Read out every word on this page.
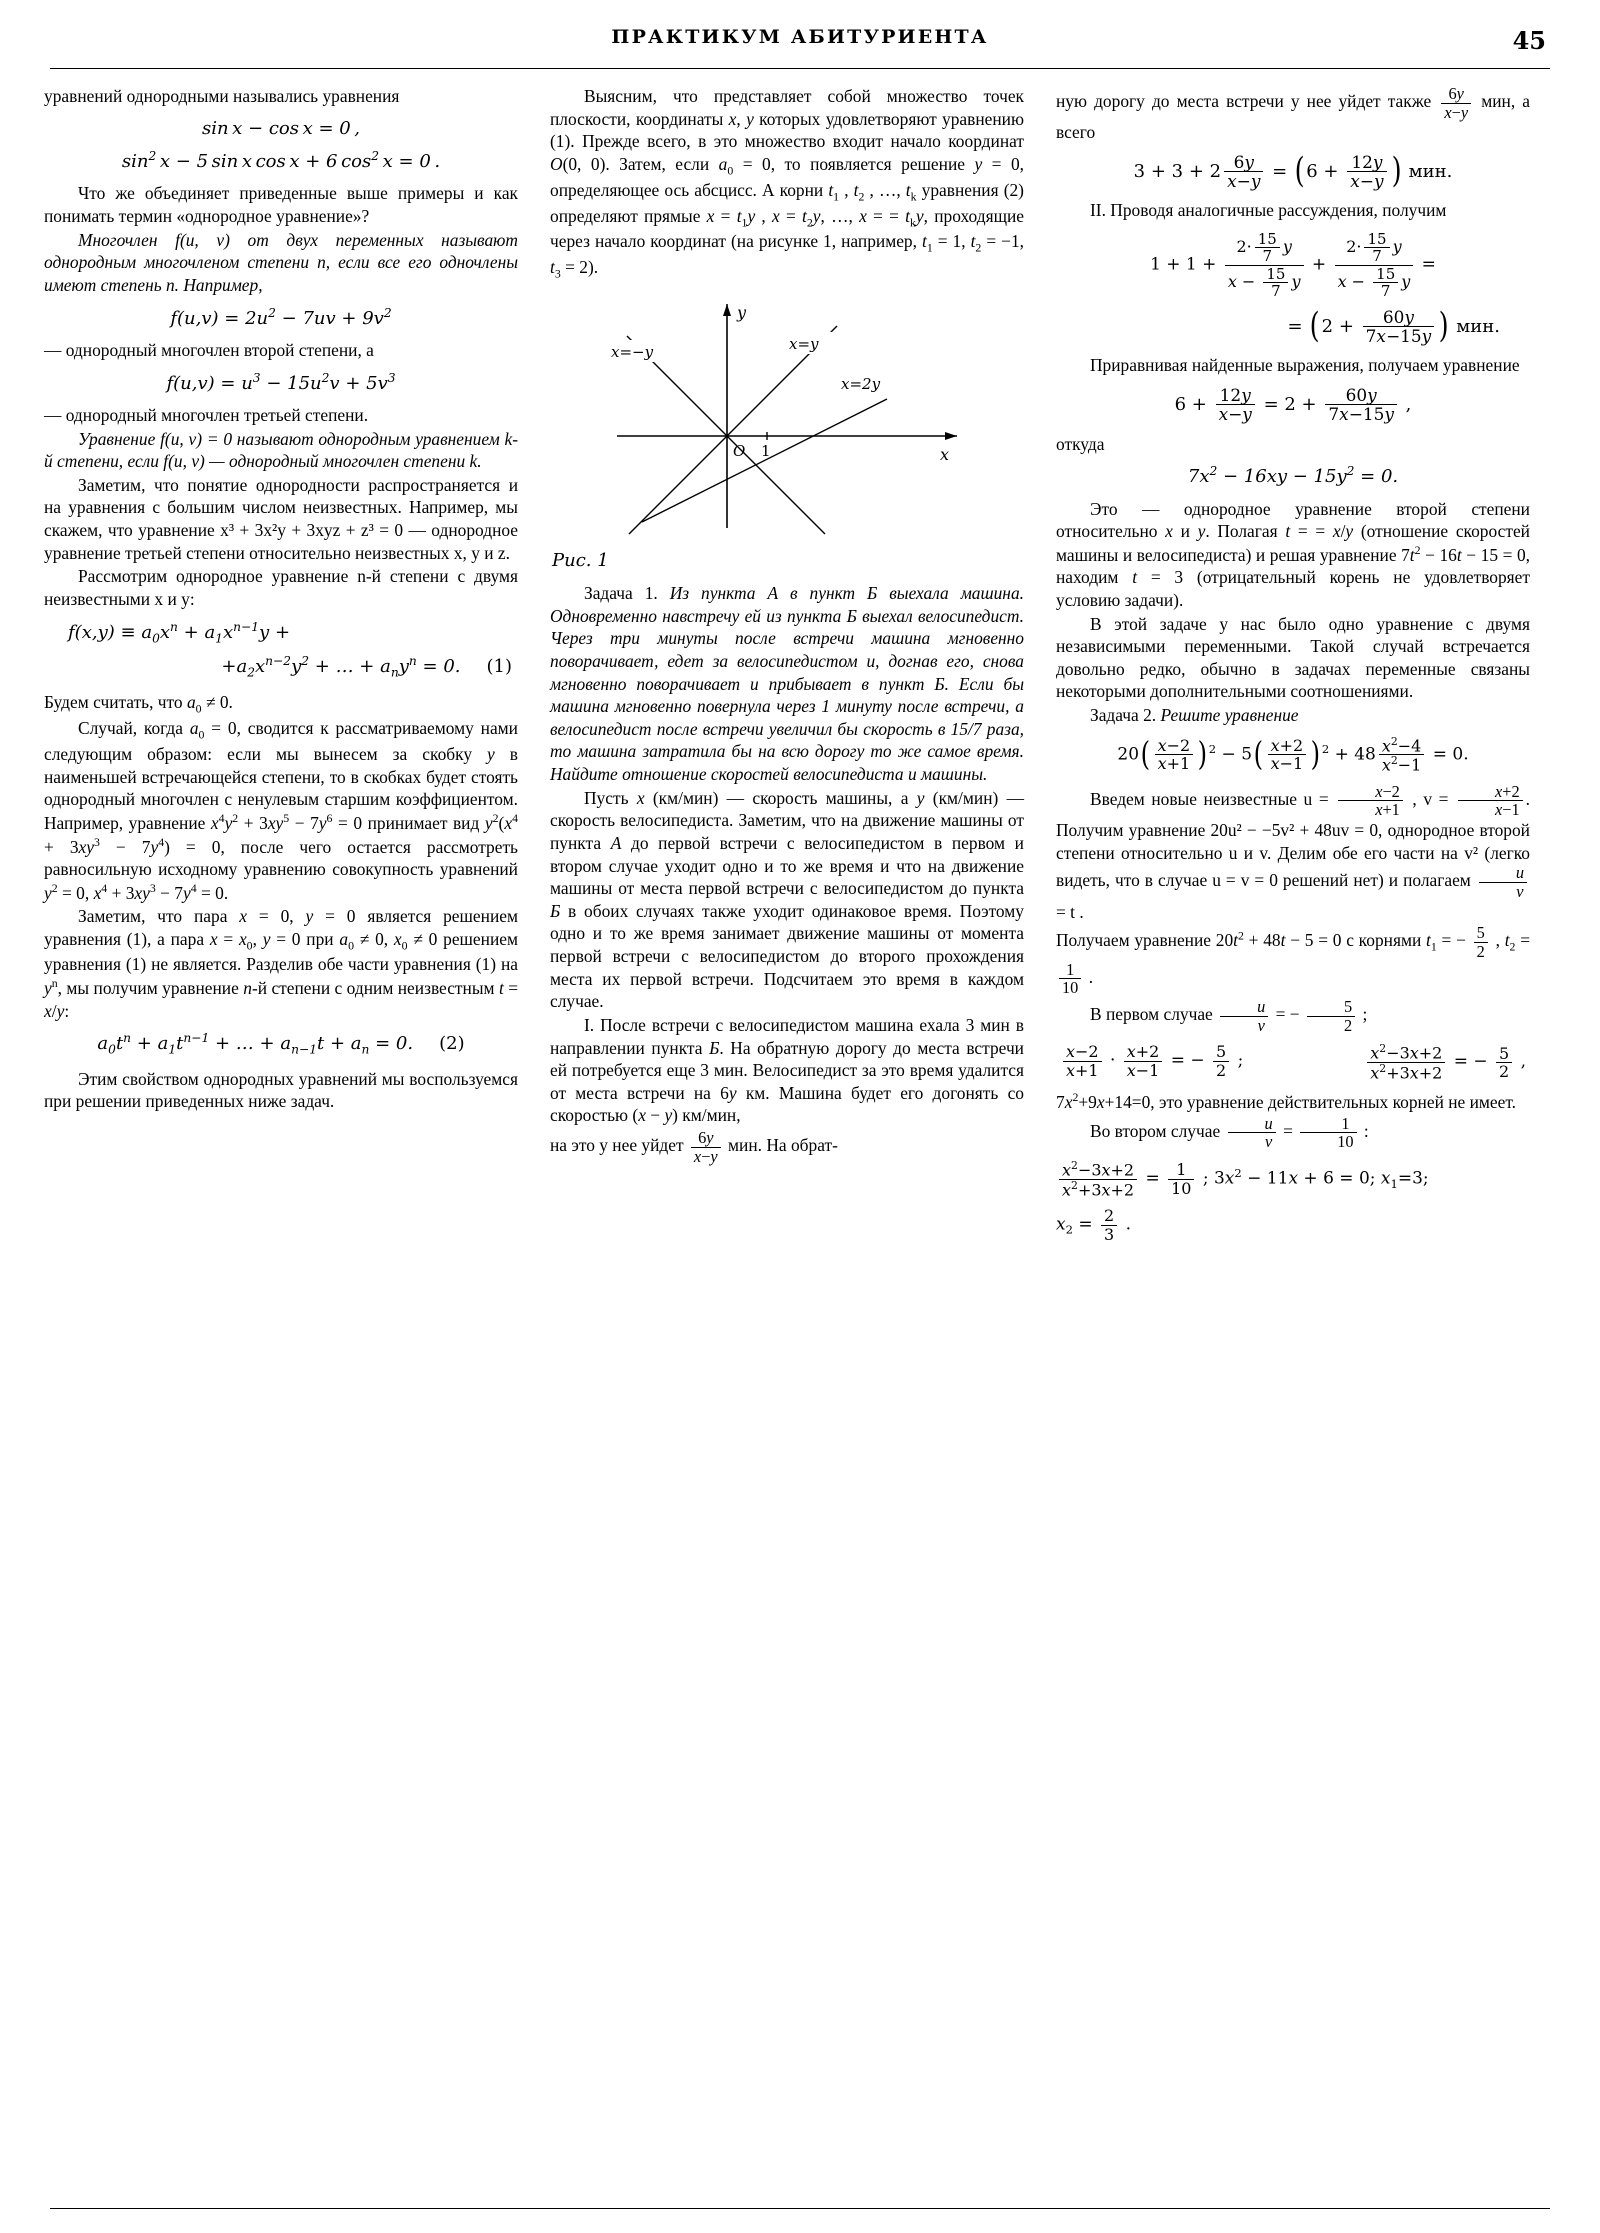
ПРАКТИКУМ АБИТУРИЕНТА	45

уравнений однородными назывались уравнения

sin x − cos x = 0 ,
$\sin^2 x - 5$ sin x cos x + 6 $\cos^2 x = 0$ .

Что же объединяет приведенные выше примеры и как понимать термин «однородное уравнение»?

Многочлен f(u, v) от двух переменных называют однородным многочленом степени n, если все его одночлены имеют степень n. Например,

$f(u,v) = 2u^2 - 7uv + 9v^2$

— однородный многочлен второй степени, а

$f(u,v) = u^3 - 15u^2v + 5v^3$

— однородный многочлен третьей степени.

Уравнение f(u, v) = 0 называют однородным уравнением k-й степени, если f(u, v) — однородный многочлен степени k.

Заметим, что понятие однородности распространяется и на уравнения с большим числом неизвестных. Например, мы скажем, что уравнение x³ + 3x²y + 3xyz + z³ = 0 — однородное уравнение третьей степени относительно неизвестных x, y и z.

Рассмотрим однородное уравнение n-й степени с двумя неизвестными x и y:

$f(x,y) \equiv a_0x^n + a_1x^{n-1}y$ +
$+a_2x^{n-2}y^2$ + … + $a_ny^n = 0$. (1)

Будем считать, что $a_0 \ne 0$.

Случай, когда $a_0 = 0$, сводится к рассматриваемому нами следующим образом: если мы вынесем за скобку y в наименьшей встречающейся степени, то в скобках будет стоять однородный многочлен с ненулевым старшим коэффициентом. Например, уравнение $x^4y^2 + 3xy^5 - 7y^6 = 0$ принимает вид $y^2(x^4 + 3xy^3 - 7y^4) = 0$, после чего остается рассмотреть равносильную исходному уравнению совокупность уравнений $y^2 = 0$, $x^4 + 3xy^3 - 7y^4 = 0$.

Заметим, что пара x = 0, y = 0 является решением уравнения (1), а пара $x = x_0$, y = 0 при $a_0 \ne 0$, $x_0 \ne 0$ решением уравнения (1) не является. Разделив обе части уравнения (1) на $y^n$, мы получим уравнение n-й степени с одним неизвестным t = x/y:

$a_0t^n + a_1t^{n-1}$ + … + $a_{n-1}t + a_n = 0$. (2)

Этим свойством однородных уравнений мы воспользуемся при решении приведенных ниже задач.

Выясним, что представляет собой множество точек плоскости, координаты x, y которых удовлетворяют уравнению (1). Прежде всего, в это множество входит начало координат O(0, 0). Затем, если $a_0 = 0$, то появляется решение y = 0, определяющее ось абсцисс. А корни $t_1$ , $t_2$ , …, $t_k$ уравнения (2) определяют прямые $x = t_1y$ , $x = t_2y$, …, x = = $t_ky$, проходящие через начало координат (на рисунке 1, например, $t_1 = 1$, $t_2 = -1$, $t_3 = 2$).

O 1	x
y
x=−y	x=y
x=2y
Рис. 1

Задача 1. Из пункта А в пункт Б выехала машина. Одновременно навстречу ей из пункта Б выехал велосипедист. Через три минуты после встречи машина мгновенно поворачивает, едет за велосипедистом и, догнав его, снова мгновенно поворачивает и прибывает в пункт Б. Если бы машина мгновенно повернула через 1 минуту после встречи, а велосипедист после встречи увеличил бы скорость в 15/7 раза, то машина затратила бы на всю дорогу то же самое время. Найдите отношение скоростей велосипедиста и машины.

Пусть x (км/мин) — скорость машины, а y (км/мин) — скорость велосипедиста. Заметим, что на движение машины от пункта А до первой встречи с велосипедистом в первом и втором случае уходит одно и то же время и что на движение машины от места первой встречи с велосипедистом до пункта Б в обоих случаях также уходит одинаковое время. Поэтому одно и то же время занимает движение машины от момента первой встречи с велосипедистом до второго прохождения места их первой встречи. Подсчитаем это время в каждом случае.

I. После встречи с велосипедистом машина ехала 3 мин в направлении пункта Б. На обратную дорогу до места встречи ей потребуется еще 3 мин. Велосипедист за это время удалится от места встречи на 6y км. Машина будет его догонять со скоростью (x − y) км/мин,

на это у нее уйдет $\frac{6y}{x-y}$ мин. На обрат-

ную дорогу до места встречи у нее уйдет также $\frac{6y}{x-y}$ мин, а всего

$3 + 3 + 2 \frac{6y}{x-y} = (6 + \frac{12y}{x-y}$ ) мин.

II. Проводя аналогичные рассуждения, получим

$1 + 1 + \frac{2\cdot \frac{15}{7} y}{x - \frac{15}{7} y} + \frac{2\cdot \frac{15}{7} y}{x - \frac{15}{7} y}$ =
= ($2 + \frac{60y}{7x-15y}$ ) мин.

Приравнивая найденные выражения, получаем уравнение

$6 + \frac{12y}{x-y} = 2 + \frac{60y}{7x-15y}$ ,

откуда

$7x^2 - 16xy - 15y^2 = 0$.

Это — однородное уравнение второй степени относительно x и y. Полагая t = = x/y (отношение скоростей машины и велосипедиста) и решая уравнение $7t^2 - 16t - 15 = 0$, находим t = 3 (отрицательный корень не удовлетворяет условию задачи).

В этой задаче у нас было одно уравнение с двумя независимыми переменными. Такой случай встречается довольно редко, обычно в задачах переменные связаны некоторыми дополнительными соотношениями.

Задача 2. Решите уравнение

$20( \frac{x-2}{x+1}$ ) $^2 - 5( \frac{x+2}{x-1}$ ) $^2 + 48 \frac{x^2-4}{x^2-1} = 0$.

Введем новые неизвестные $u = \frac{x-2}{x+1}$ , $v = \frac{x+2}{x-1}$ . Получим уравнение 20u² − −5v² + 48uv = 0, однородное второй степени относительно u и v. Делим обе его части на v² (легко видеть, что в случае u = v = 0 решений нет) и полагаем $\frac{u}{v}$
= t .

Получаем уравнение $20t^2 + 48t - 5 = 0$ с корнями $t_1$ = − $\frac{5}{2}$ , $t_2$ =
$\frac{1}{10}$ .

В первом случае $\frac{u}{v}$ = − $\frac{5}{2}$ ;

$\frac{x-2}{x+1} \cdot \frac{x+2}{x-1}$ = − $\frac{5}{2}$ ;	$\frac{x^2-3x+2}{x^2+3x+2}$ = − $\frac{5}{2}$ ,

$7x^2+9x+14=0$, это уравнение действительных корней не имеет.

Во втором случае $\frac{u}{v} = \frac{1}{10}$ :

$\frac{x^2-3x+2}{x^2+3x+2} = \frac{1}{10}$ ; $3x^2 - 11x + 6 = 0$; $x_1=3$;
$x_2 = \frac{2}{3}$ .
